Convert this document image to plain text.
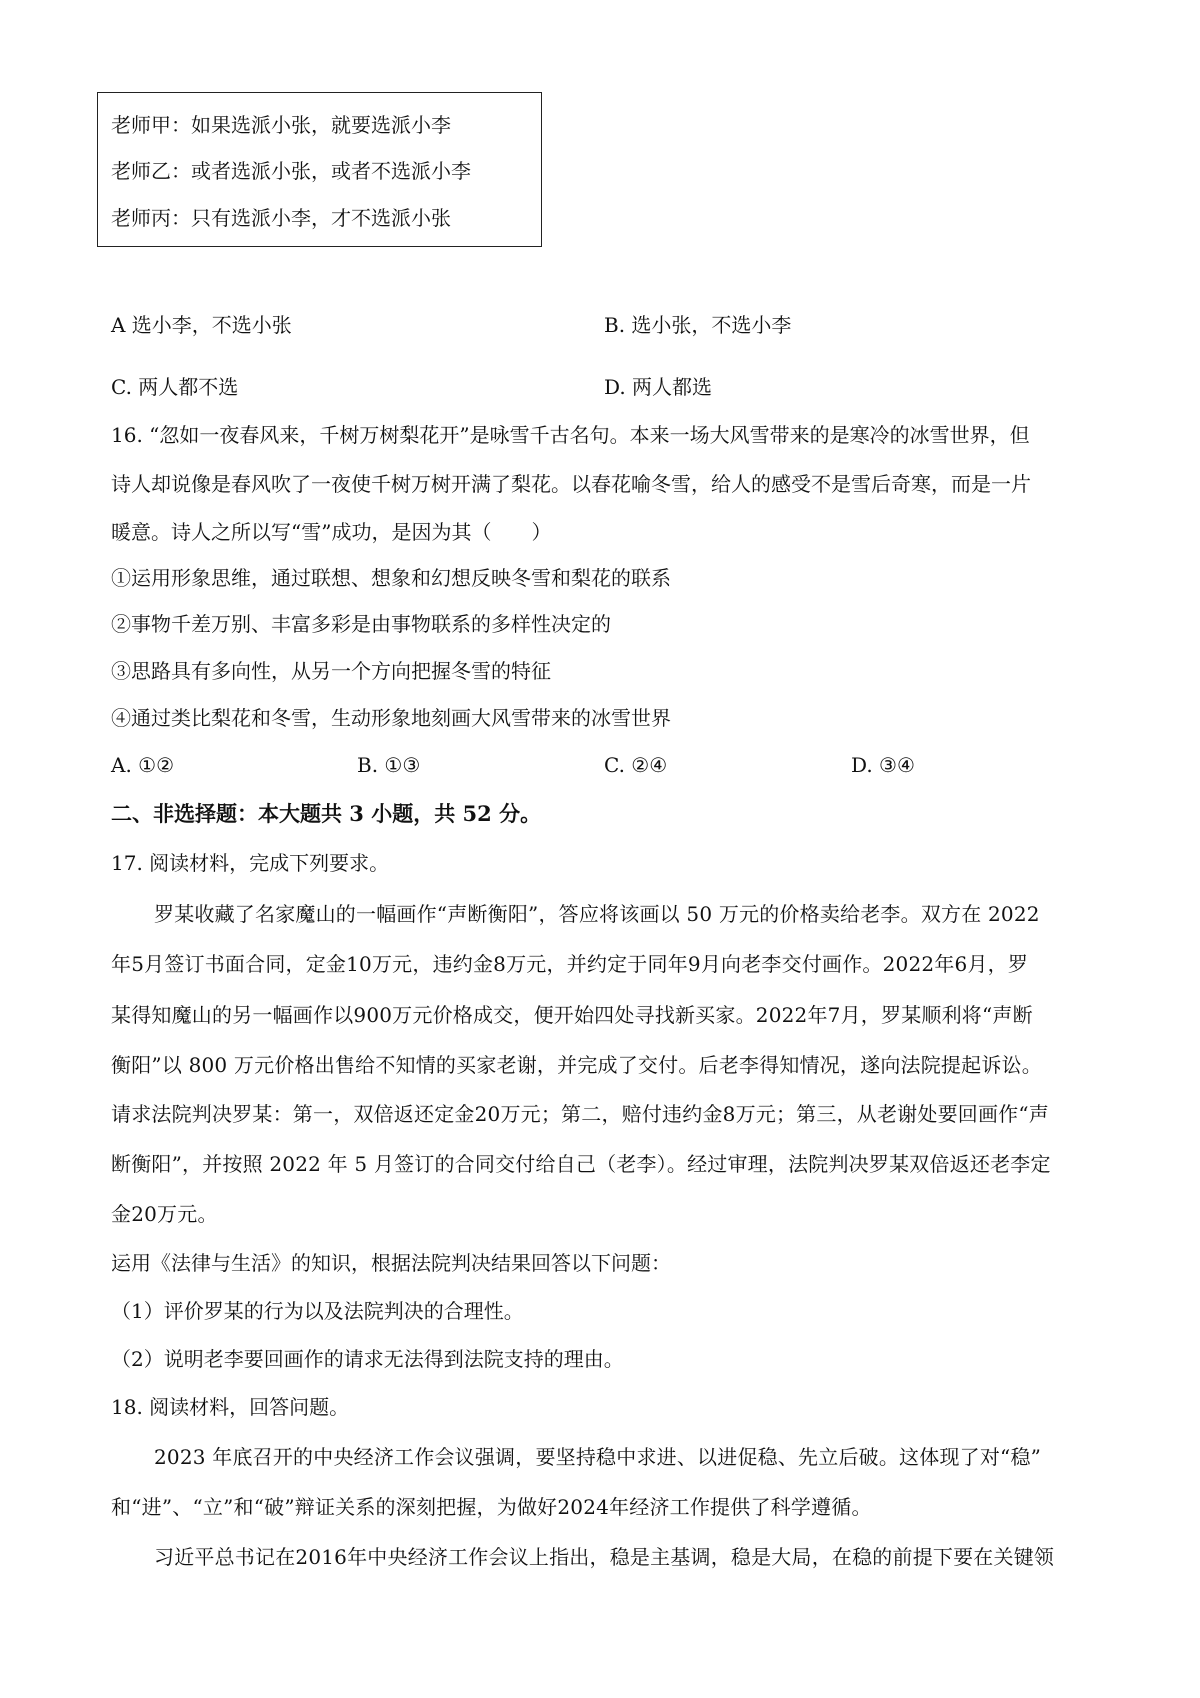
老师甲：如果选派小张，就要选派小李
老师乙：或者选派小张，或者不选派小李
老师丙：只有选派小李，才不选派小张
A 选小李，不选小张	B. 选小张，不选小李
C. 两人都不选	D. 两人都选
16. “忽如一夜春风来，千树万树梨花开”是咏雪千古名句。本来一场大风雪带来的是寒冷的冰雪世界，但
诗人却说像是春风吹了一夜使千树万树开满了梨花。以春花喻冬雪，给人的感受不是雪后奇寒，而是一片
暖意。诗人之所以写“雪”成功，是因为其（　　）
①运用形象思维，通过联想、想象和幻想反映冬雪和梨花的联系
②事物千差万别、丰富多彩是由事物联系的多样性决定的
③思路具有多向性，从另一个方向把握冬雪的特征
④通过类比梨花和冬雪，生动形象地刻画大风雪带来的冰雪世界
A. ①②	B. ①③	C. ②④	D. ③④
二、非选择题：本大题共 3 小题，共 52 分。
17. 阅读材料，完成下列要求。
罗某收藏了名家魔山的一幅画作“声断衡阳”，答应将该画以 50 万元的价格卖给老李。双方在 2022
年5月签订书面合同，定金10万元，违约金8万元，并约定于同年9月向老李交付画作。2022年6月，罗
某得知魔山的另一幅画作以900万元价格成交，便开始四处寻找新买家。2022年7月，罗某顺利将“声断
衡阳”以 800 万元价格出售给不知情的买家老谢，并完成了交付。后老李得知情况，遂向法院提起诉讼。
请求法院判决罗某：第一，双倍返还定金20万元；第二，赔付违约金8万元；第三，从老谢处要回画作“声
断衡阳”，并按照 2022 年 5 月签订的合同交付给自己（老李）。经过审理，法院判决罗某双倍返还老李定
金20万元。
运用《法律与生活》的知识，根据法院判决结果回答以下问题：
（1）评价罗某的行为以及法院判决的合理性。
（2）说明老李要回画作的请求无法得到法院支持的理由。
18. 阅读材料，回答问题。
2023 年底召开的中央经济工作会议强调，要坚持稳中求进、以进促稳、先立后破。这体现了对“稳”
和“进”、“立”和“破”辩证关系的深刻把握，为做好2024年经济工作提供了科学遵循。
习近平总书记在2016年中央经济工作会议上指出，稳是主基调，稳是大局，在稳的前提下要在关键领
